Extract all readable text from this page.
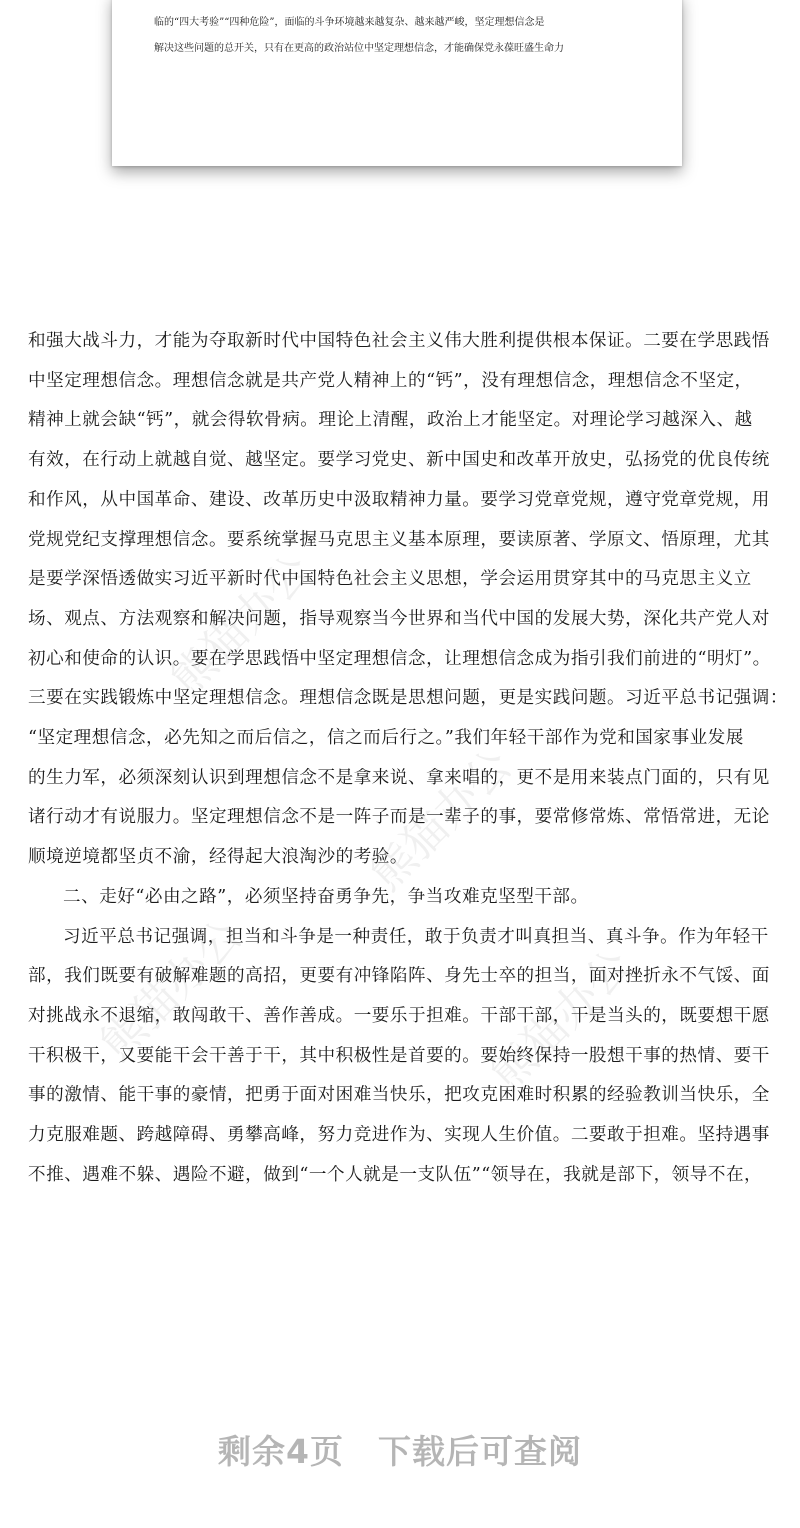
临的“四大考验”“四种危险”，面临的斗争环境越来越复杂、越来越严峻，坚定理想信念是

解决这些问题的总开关，只有在更高的政治站位中坚定理想信念，才能确保党永葆旺盛生命力

熊猫办公
熊猫办公
熊猫办公	熊猫办公

和强大战斗力，才能为夺取新时代中国特色社会主义伟大胜利提供根本保证。二要在学思践悟
中坚定理想信念。理想信念就是共产党人精神上的“钙”，没有理想信念，理想信念不坚定，
精神上就会缺“钙”，就会得软骨病。理论上清醒，政治上才能坚定。对理论学习越深入、越
有效，在行动上就越自觉、越坚定。要学习党史、新中国史和改革开放史，弘扬党的优良传统
和作风，从中国革命、建设、改革历史中汲取精神力量。要学习党章党规，遵守党章党规，用
党规党纪支撑理想信念。要系统掌握马克思主义基本原理，要读原著、学原文、悟原理，尤其
是要学深悟透做实习近平新时代中国特色社会主义思想，学会运用贯穿其中的马克思主义立
场、观点、方法观察和解决问题，指导观察当今世界和当代中国的发展大势，深化共产党人对
初心和使命的认识。要在学思践悟中坚定理想信念，让理想信念成为指引我们前进的“明灯”。
三要在实践锻炼中坚定理想信念。理想信念既是思想问题，更是实践问题。习近平总书记强调：
“坚定理想信念，必先知之而后信之，信之而后行之。”我们年轻干部作为党和国家事业发展
的生力军，必须深刻认识到理想信念不是拿来说、拿来唱的，更不是用来装点门面的，只有见
诸行动才有说服力。坚定理想信念不是一阵子而是一辈子的事，要常修常炼、常悟常进，无论
顺境逆境都坚贞不渝，经得起大浪淘沙的考验。

二、走好“必由之路”，必须坚持奋勇争先，争当攻难克坚型干部。

习近平总书记强调，担当和斗争是一种责任，敢于负责才叫真担当、真斗争。作为年轻干
部，我们既要有破解难题的高招，更要有冲锋陷阵、身先士卒的担当，面对挫折永不气馁、面
对挑战永不退缩，敢闯敢干、善作善成。一要乐于担难。干部干部，干是当头的，既要想干愿
干积极干，又要能干会干善于干，其中积极性是首要的。要始终保持一股想干事的热情、要干
事的激情、能干事的豪情，把勇于面对困难当快乐，把攻克困难时积累的经验教训当快乐，全
力克服难题、跨越障碍、勇攀高峰，努力竞进作为、实现人生价值。二要敢于担难。坚持遇事
不推、遇难不躲、遇险不避，做到“一个人就是一支队伍”“领导在，我就是部下，领导不在，

剩余4页 下载后可查阅
